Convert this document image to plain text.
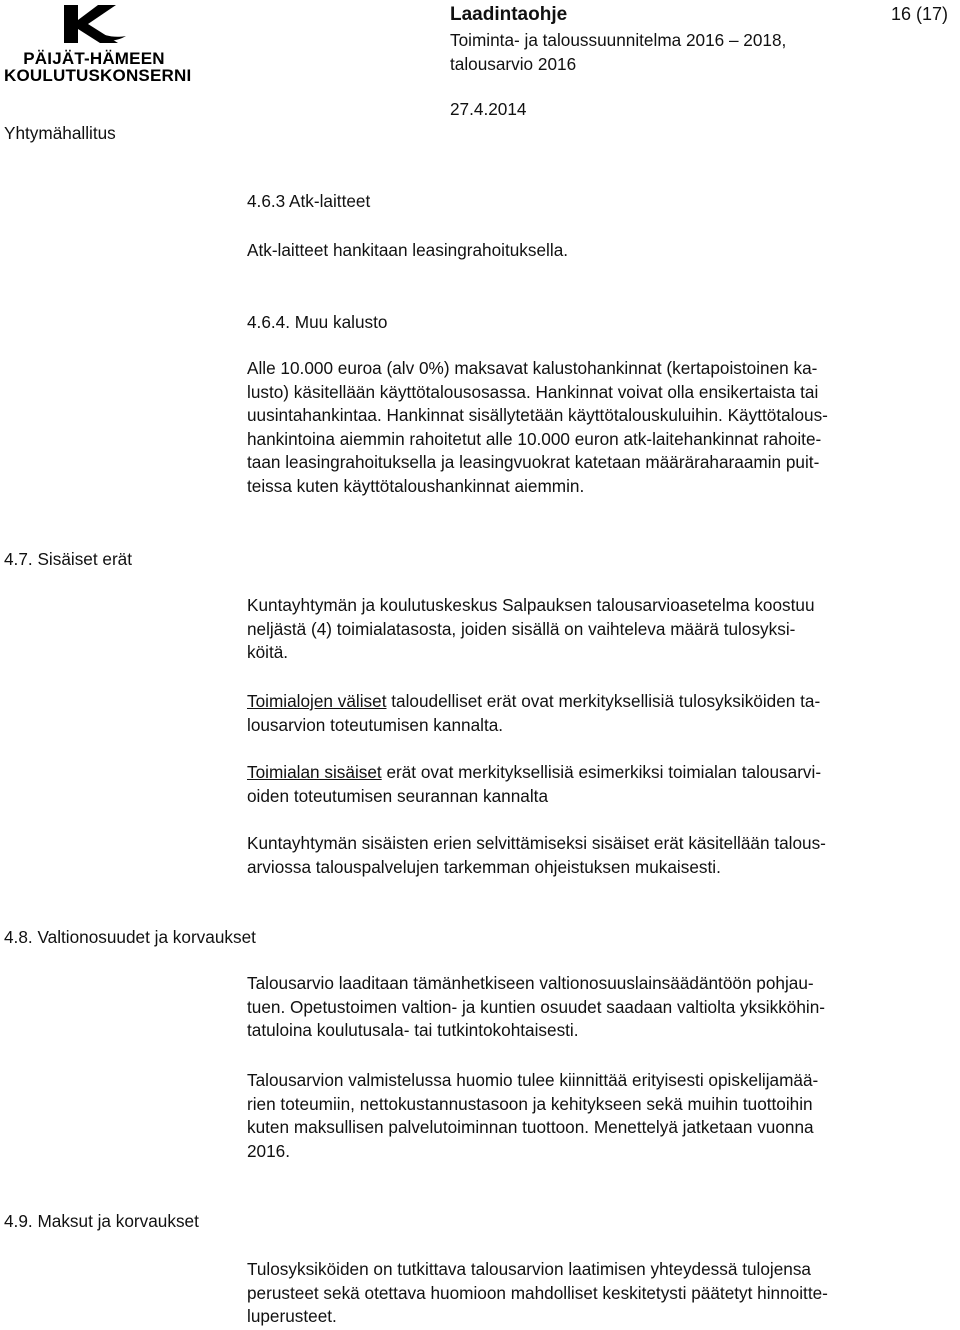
PÄIJÄT-HÄMEEN
KOULUTUSKONSERNI
Yhtymähallitus
Laadintaohje
Toiminta- ja taloussuunnitelma 2016 – 2018,
talousarvio 2016
27.4.2014
16 (17)
4.6.3 Atk-laitteet
Atk-laitteet hankitaan leasingrahoituksella.
4.6.4. Muu kalusto
Alle 10.000 euroa (alv 0%) maksavat kalustohankinnat (kertapoistoinen ka-
lusto) käsitellään käyttötalousosassa. Hankinnat voivat olla ensikertaista tai
uusintahankintaa. Hankinnat sisällytetään käyttötalouskuluihin. Käyttötalous-
hankintoina aiemmin rahoitetut alle 10.000 euron atk-laitehankinnat rahoite-
taan leasingrahoituksella ja leasingvuokrat katetaan määräraharaamin puit-
teissa kuten käyttötaloushankinnat aiemmin.
4.7. Sisäiset erät
Kuntayhtymän ja koulutuskeskus Salpauksen talousarvioasetelma koostuu
neljästä (4) toimialatasosta, joiden sisällä on vaihteleva määrä tulosyksi-
köitä.
Toimialojen väliset taloudelliset erät ovat merkityksellisiä tulosyksiköiden ta-
lousarvion toteutumisen kannalta.
Toimialan sisäiset erät ovat merkityksellisiä esimerkiksi toimialan talousarvi-
oiden toteutumisen seurannan kannalta
Kuntayhtymän sisäisten erien selvittämiseksi sisäiset erät käsitellään talous-
arviossa talouspalvelujen tarkemman ohjeistuksen mukaisesti.
4.8. Valtionosuudet ja korvaukset
Talousarvio laaditaan tämänhetkiseen valtionosuuslainsäädäntöön pohjau-
tuen. Opetustoimen valtion- ja kuntien osuudet saadaan valtiolta yksikköhin-
tatuloina koulutusala- tai tutkintokohtaisesti.
Talousarvion valmistelussa huomio tulee kiinnittää erityisesti opiskelijamää-
rien toteumiin, nettokustannustasoon ja kehitykseen sekä muihin tuottoihin
kuten maksullisen palvelutoiminnan tuottoon. Menettelyä jatketaan vuonna
2016.
4.9. Maksut ja korvaukset
Tulosyksiköiden on tutkittava talousarvion laatimisen yhteydessä tulojensa
perusteet sekä otettava huomioon mahdolliset keskitetysti päätetyt hinnoitte-
luperusteet.
